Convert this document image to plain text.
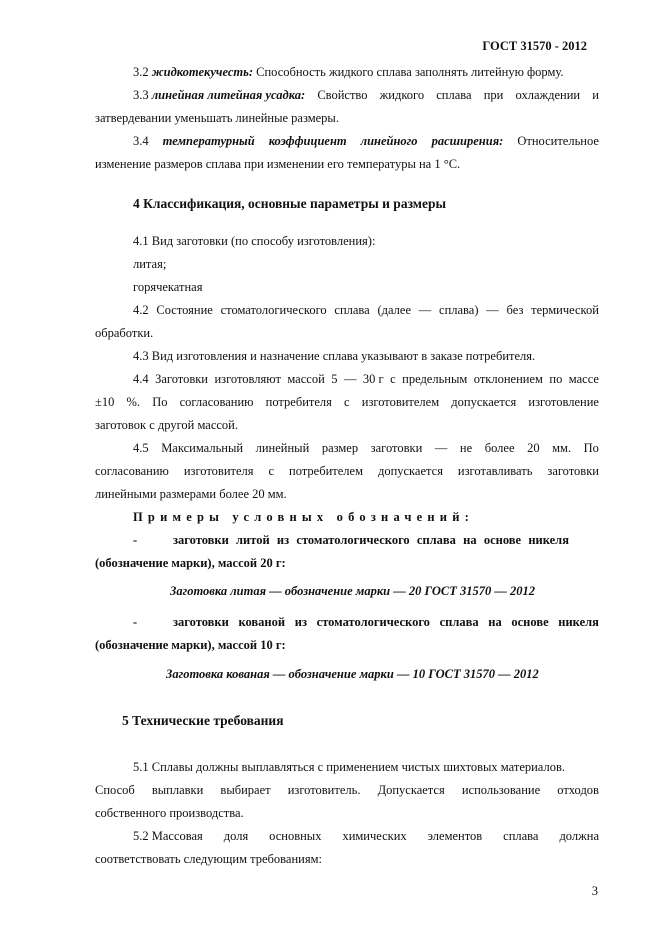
ГОСТ 31570 - 2012
3.2 жидкотекучесть: Способность жидкого сплава заполнять литейную форму.
3.3 линейная литейная усадка: Свойство жидкого сплава при охлаждении и
затвердевании уменьшать линейные размеры.
3.4 температурный коэффициент линейного расширения: Относительное
изменение размеров сплава при изменении его температуры на 1 °С.
4 Классификация, основные параметры и размеры
4.1 Вид заготовки (по способу изготовления):
литая;
горячекатная
4.2 Состояние стоматологического сплава (далее — сплава) — без термической
обработки.
4.3 Вид изготовления и назначение сплава указывают в заказе потребителя.
4.4 Заготовки изготовляют массой 5 — 30 г с предельным отклонением по массе
±10 %. По согласованию потребителя с изготовителем допускается изготовление
заготовок с другой массой.
4.5 Максимальный линейный размер заготовки — не более 20 мм. По
согласованию изготовителя с потребителем допускается изготавливать заготовки
линейными размерами более 20 мм.
Примеры условных обозначений:
-	заготовки литой из стоматологического сплава на основе никеля
(обозначение марки), массой 20 г:
Заготовка литая — обозначение марки — 20 ГОСТ 31570 — 2012
-	заготовки кованой из стоматологического сплава на основе никеля
(обозначение марки), массой 10 г:
Заготовка кованая — обозначение марки — 10 ГОСТ 31570 — 2012
5 Технические требования
5.1 Сплавы должны выплавляться с применением чистых шихтовых материалов.
Способ выплавки выбирает изготовитель. Допускается использование отходов
собственного производства.
5.2 Массовая доля основных химических элементов сплава должна
соответствовать следующим требованиям:
3
